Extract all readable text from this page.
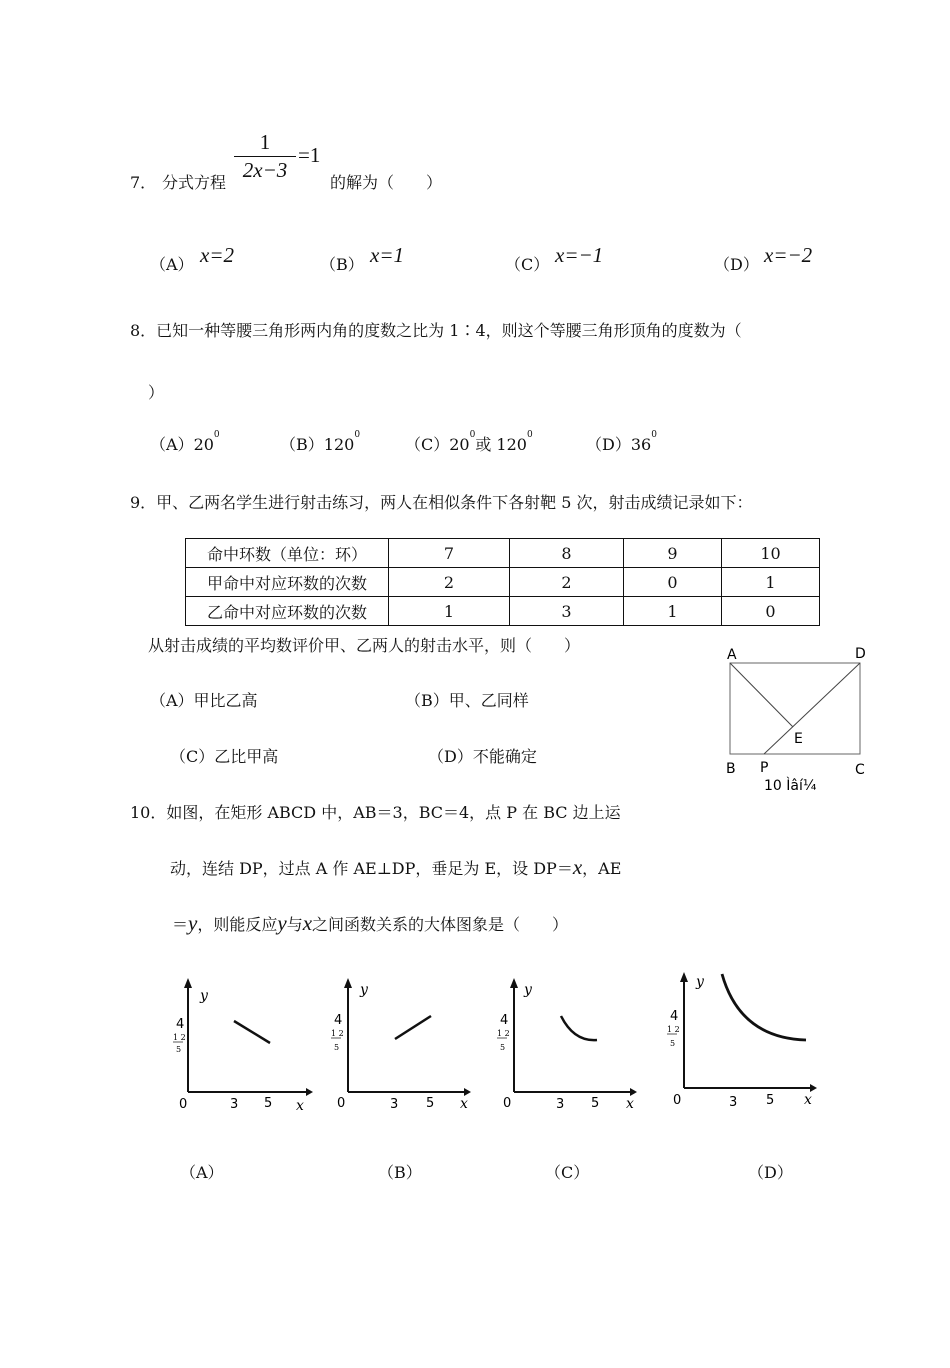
7． 分式方程
1
2x−3
=1
的解为（　　）
（A） x=2	（B） x=1	（C） x=−1	（D） x=−2
8．已知一种等腰三角形两内角的度数之比为 1∶4，则这个等腰三角形顶角的度数为（
）
$(A)20^0$	$(B)120^0$	$(C)20^0$或 $120^0$	$(D)36^0$
9．甲、乙两名学生进行射击练习，两人在相似条件下各射靶 5 次，射击成绩记录如下：
命中环数（单位：环）	7	8	9	10
甲命中对应环数的次数	2	2	0	1
乙命中对应环数的次数	1	3	1	0
从射击成绩的平均数评价甲、乙两人的射击水平，则（　　）
（A）甲比乙高	（B）甲、乙同样
（C）乙比甲高	（D）不能确定
A	D
E
B P	C
10 Ìâí¼
10．如图，在矩形 ABCD 中，AB＝3，BC＝4，点 P 在 BC 边上运
动，连结 DP，过点 A 作 AE⊥DP，垂足为 E，设 DP＝x，AE
＝y，则能反应y与x之间函数关系的大体图象是（　　）
y
x
0
4
1 2
5
3 5
y
x
0
4
1 2
5
3 5
y
x
0
4
1 2
5
3 5
y
x
0
4
1 2
5
3 5
（A）	（B）	（C）	（D）
